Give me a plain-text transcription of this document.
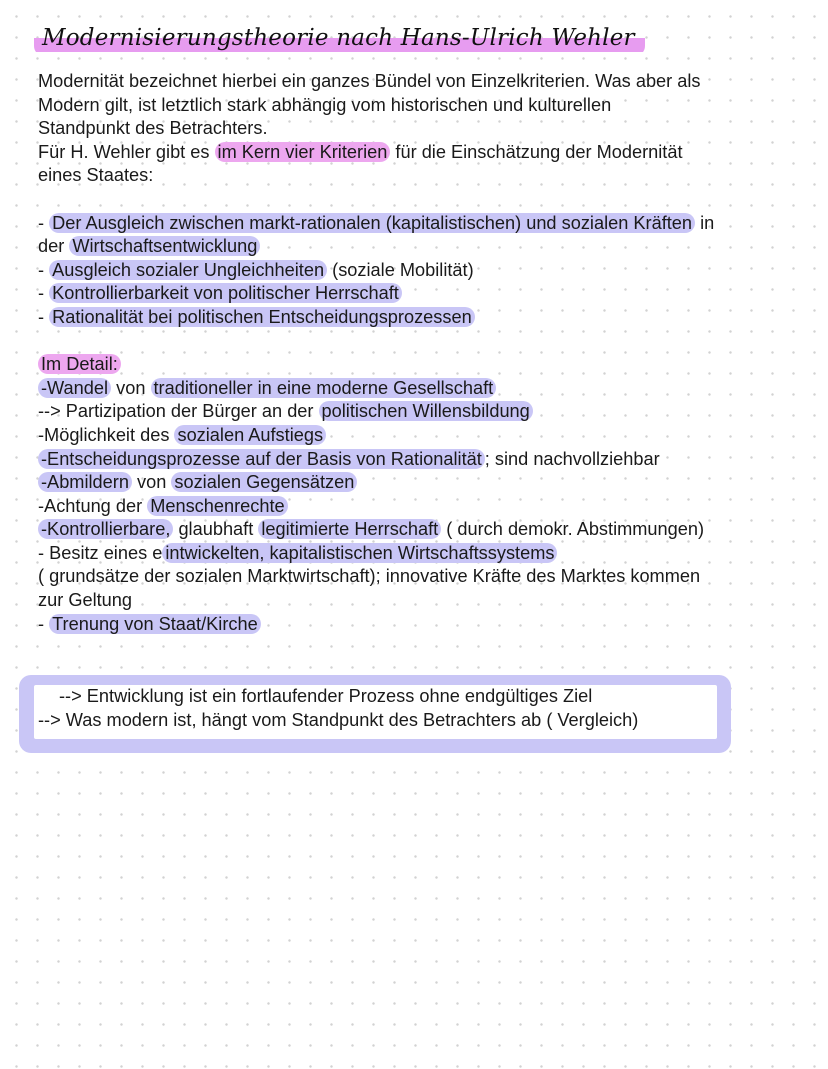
Modernisierungstheorie nach Hans-Ulrich Wehler
Modernität bezeichnet hierbei ein ganzes Bündel von Einzelkriterien. Was aber als
Modern gilt, ist letztlich stark abhängig vom historischen und kulturellen
Standpunkt des Betrachters.
Für H. Wehler gibt es im Kern vier Kriterien für die Einschätzung der Modernität
eines Staates:
- Der Ausgleich zwischen markt-rationalen (kapitalistischen) und sozialen Kräften in
der Wirtschaftsentwicklung
- Ausgleich sozialer Ungleichheiten (soziale Mobilität)
- Kontrollierbarkeit von politischer Herrschaft
- Rationalität bei politischen Entscheidungsprozessen
Im Detail:
-Wandel von traditioneller in eine moderne Gesellschaft
--> Partizipation der Bürger an der politischen Willensbildung
-Möglichkeit des sozialen Aufstiegs
-Entscheidungsprozesse auf der Basis von Rationalität ; sind nachvollziehbar
-Abmildern von sozialen Gegensätzen
-Achtung der Menschenrechte
-Kontrollierbare, glaubhaft legitimierte Herrschaft ( durch demokr. Abstimmungen)
- Besitz eines e intwickelten, kapitalistischen Wirtschaftssystems
( grundsätze der sozialen Marktwirtschaft); innovative Kräfte des Marktes kommen
zur Geltung
- Trenung von Staat/Kirche
--> Entwicklung ist ein fortlaufender Prozess ohne endgültiges Ziel
--> Was modern ist, hängt vom Standpunkt des Betrachters ab ( Vergleich)
